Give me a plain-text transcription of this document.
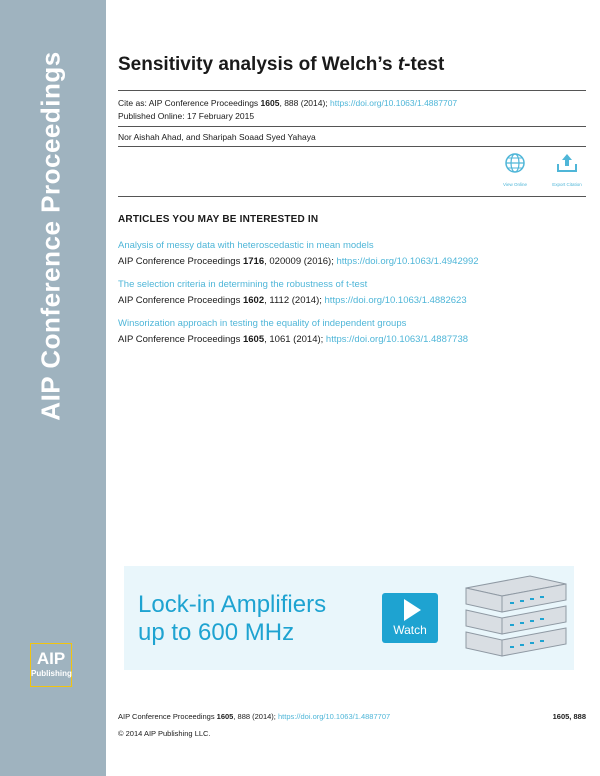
AIP Conference Proceedings
AIP
Publishing
Sensitivity analysis of Welch’s t-test
Cite as: AIP Conference Proceedings 1605, 888 (2014); https://doi.org/10.1063/1.4887707
Published Online: 17 February 2015
Nor Aishah Ahad, and Sharipah Soaad Syed Yahaya
View Online	Export Citation
ARTICLES YOU MAY BE INTERESTED IN
Analysis of messy data with heteroscedastic in mean models
AIP Conference Proceedings 1716, 020009 (2016); https://doi.org/10.1063/1.4942992
The selection criteria in determining the robustness of t-test
AIP Conference Proceedings 1602, 1112 (2014); https://doi.org/10.1063/1.4882623
Winsorization approach in testing the equality of independent groups
AIP Conference Proceedings 1605, 1061 (2014); https://doi.org/10.1063/1.4887738
Lock-in Amplifiers
up to 600 MHz	Watch
AIP Conference Proceedings 1605, 888 (2014); https://doi.org/10.1063/1.4887707	1605, 888
© 2014 AIP Publishing LLC.
